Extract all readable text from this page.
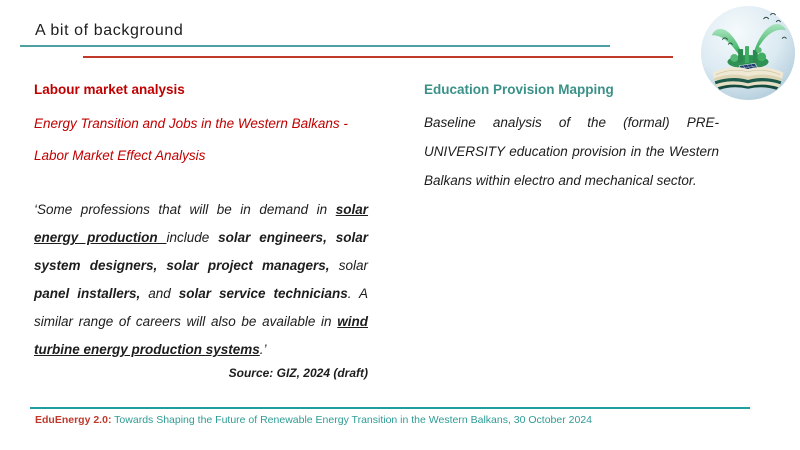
A bit of background
Labour market analysis

Energy Transition and Jobs in the Western Balkans -

Labor Market Effect Analysis

‘Some professions that will be in demand in solar energy production include solar engineers, solar system designers, solar project managers, solar panel installers, and solar service technicians. A similar range of careers will also be available in wind turbine energy production systems.’

Source: GIZ, 2024 (draft)

Education Provision Mapping

Baseline analysis of the (formal) PRE-UNIVERSITY education provision in the Western Balkans within electro and mechanical sector.

EduEnergy 2.0: Towards Shaping the Future of Renewable Energy Transition in the Western Balkans, 30 October 2024
